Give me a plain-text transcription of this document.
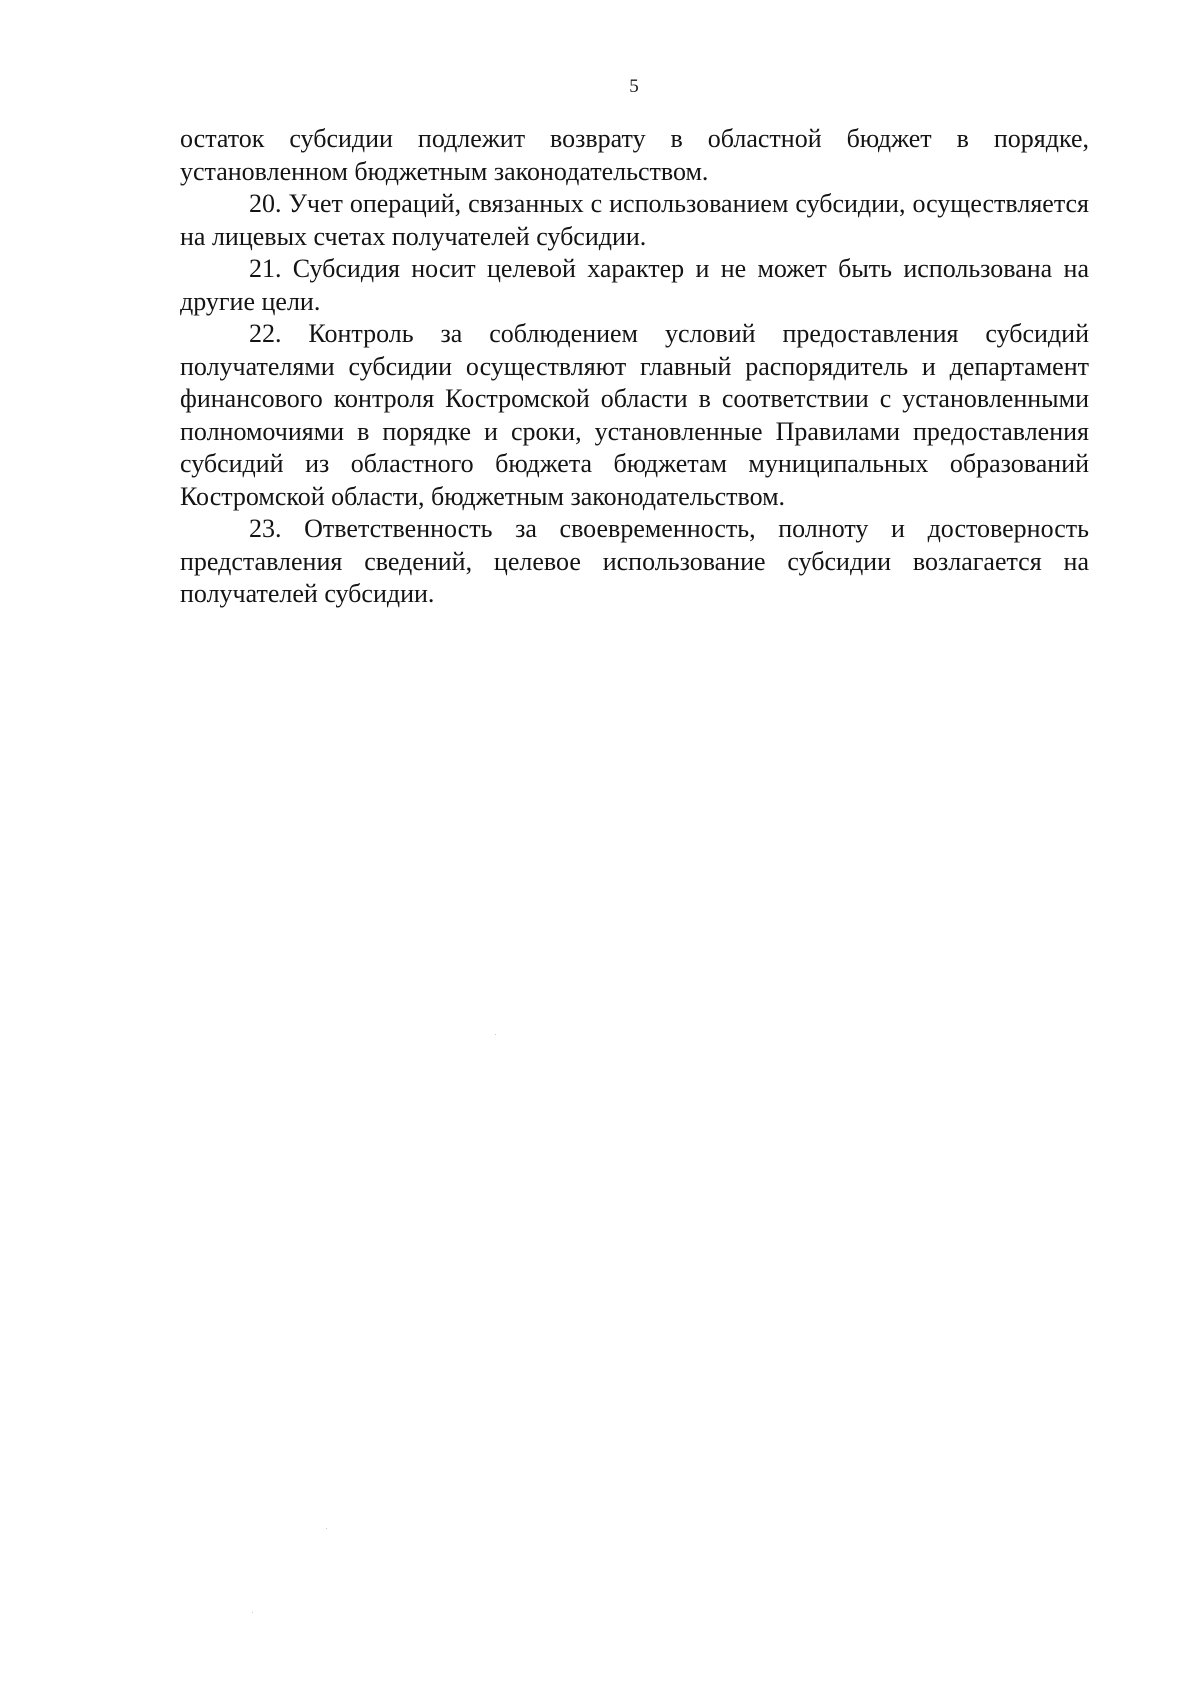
5

остаток субсидии подлежит возврату в областной бюджет в порядке, установленном бюджетным законодательством.

20. Учет операций, связанных с использованием субсидии, осуществляется на лицевых счетах получателей субсидии.

21. Субсидия носит целевой характер и не может быть использована на другие цели.

22. Контроль за соблюдением условий предоставления субсидий получателями субсидии осуществляют главный распорядитель и департамент финансового контроля Костромской области в соответствии с установленными полномочиями в порядке и сроки, установленные Правилами предоставления субсидий из областного бюджета бюджетам муниципальных образований Костромской области, бюджетным законодательством.

23. Ответственность за своевременность, полноту и достоверность представления сведений, целевое использование субсидии возлагается на получателей субсидии.
